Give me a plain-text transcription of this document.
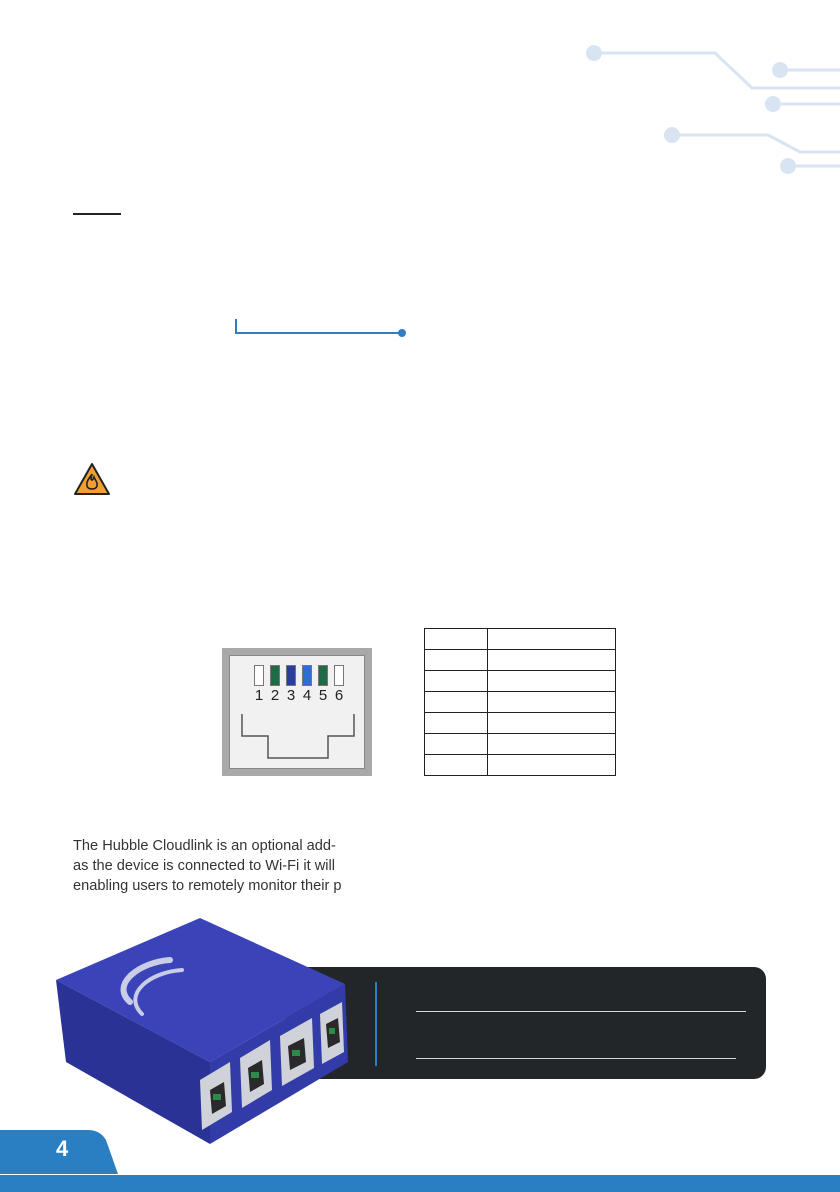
1 2 3 4 5 6

The Hubble Cloudlink is an optional add-
as the device is connected to Wi-Fi it will
enabling users to remotely monitor their p
4
